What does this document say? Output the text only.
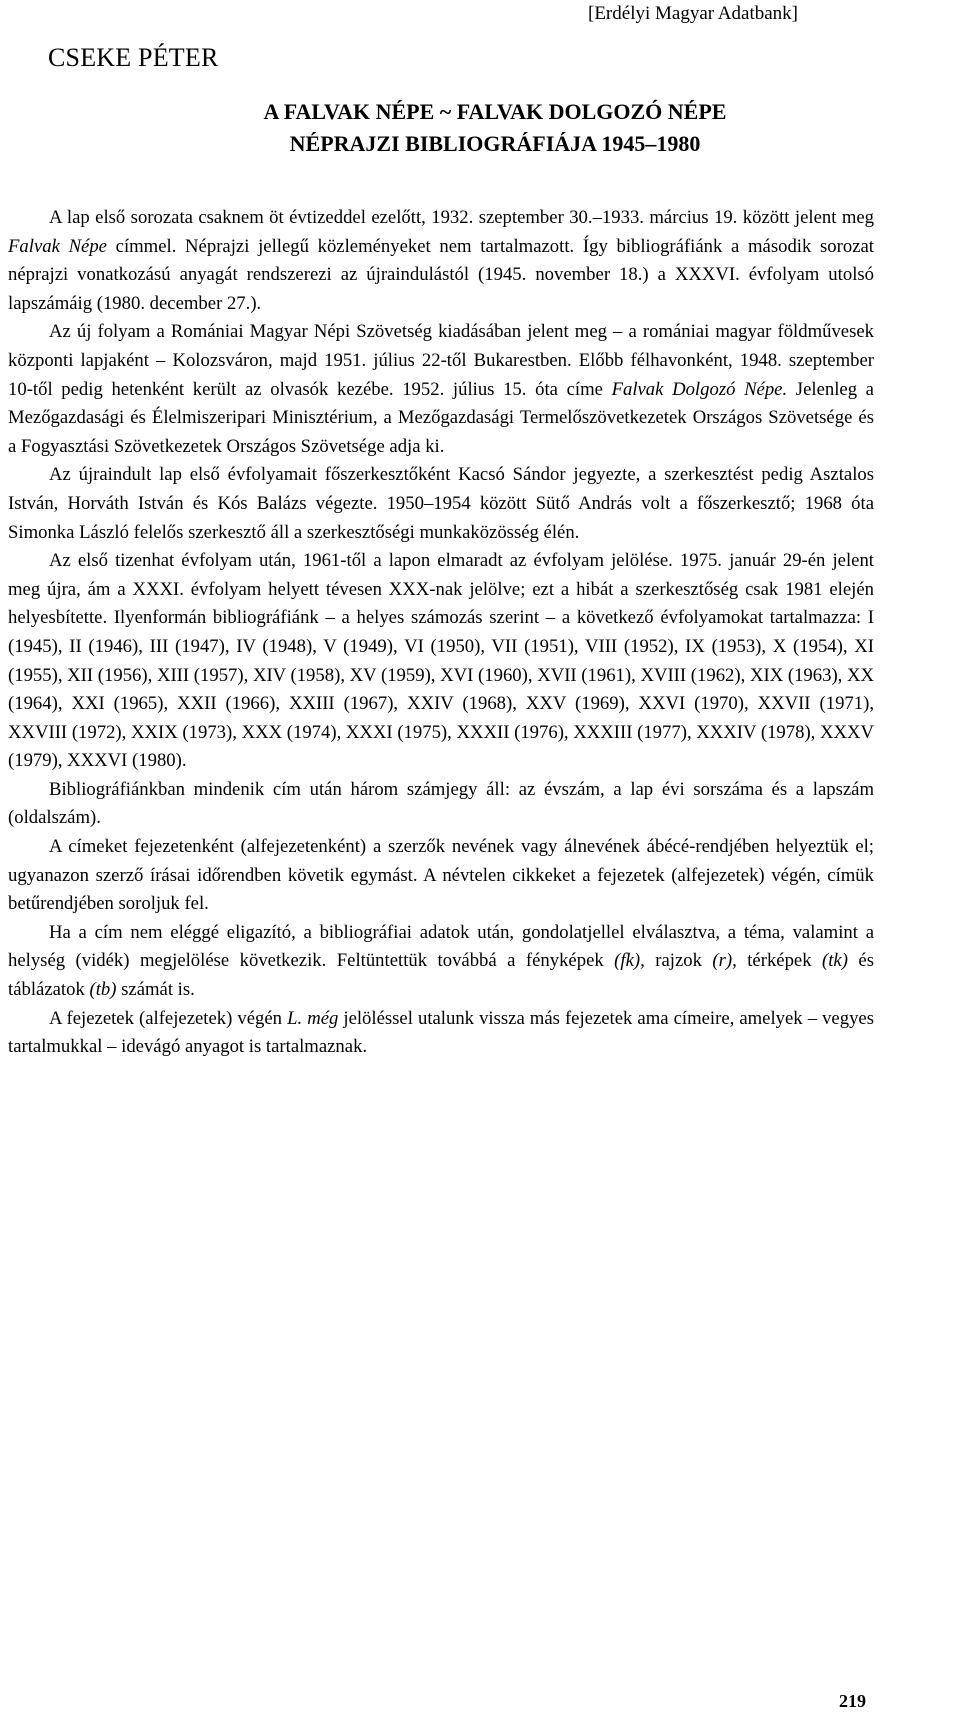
[Erdélyi Magyar Adatbank]
CSEKE PÉTER
A FALVAK NÉPE ~ FALVAK DOLGOZÓ NÉPE
NÉPRAJZI BIBLIOGRÁFIÁJA 1945–1980

A lap első sorozata csaknem öt évtizeddel ezelőtt, 1932. szeptember 30.–1933. március 19. között jelent meg Falvak Népe címmel. Néprajzi jellegű közleményeket nem tartalmazott. Így bibliográfiánk a második sorozat néprajzi vonatkozású anyagát rendszerezi az újraindulástól (1945. november 18.) a XXXVI. évfolyam utolsó lapszámáig (1980. december 27.).

Az új folyam a Romániai Magyar Népi Szövetség kiadásában jelent meg – a romániai magyar földművesek központi lapjaként – Kolozsváron, majd 1951. július 22-től Bukarestben. Előbb félhavonként, 1948. szeptember 10-től pedig hetenként került az olvasók kezébe. 1952. július 15. óta címe Falvak Dolgozó Népe. Jelenleg a Mezőgazdasági és Élelmiszeripari Minisztérium, a Mezőgazdasági Termelőszövetkezetek Országos Szövetsége és a Fogyasztási Szövetkezetek Országos Szövetsége adja ki.

Az újraindult lap első évfolyamait főszerkesztőként Kacsó Sándor jegyezte, a szerkesztést pedig Asztalos István, Horváth István és Kós Balázs végezte. 1950–1954 között Sütő András volt a főszerkesztő; 1968 óta Simonka László felelős szerkesztő áll a szerkesztőségi munkaközösség élén.

Az első tizenhat évfolyam után, 1961-től a lapon elmaradt az évfolyam jelölése. 1975. január 29-én jelent meg újra, ám a XXXI. évfolyam helyett tévesen XXX-nak jelölve; ezt a hibát a szerkesztőség csak 1981 elején helyesbítette. Ilyenformán bibliográfiánk – a helyes számozás szerint – a következő évfolyamokat tartalmazza: I (1945), II (1946), III (1947), IV (1948), V (1949), VI (1950), VII (1951), VIII (1952), IX (1953), X (1954), XI (1955), XII (1956), XIII (1957), XIV (1958), XV (1959), XVI (1960), XVII (1961), XVIII (1962), XIX (1963), XX (1964), XXI (1965), XXII (1966), XXIII (1967), XXIV (1968), XXV (1969), XXVI (1970), XXVII (1971), XXVIII (1972), XXIX (1973), XXX (1974), XXXI (1975), XXXII (1976), XXXIII (1977), XXXIV (1978), XXXV (1979), XXXVI (1980).

Bibliográfiánkban mindenik cím után három számjegy áll: az évszám, a lap évi sorszáma és a lapszám (oldalszám).

A címeket fejezetenként (alfejezetenként) a szerzők nevének vagy álnevének ábécé-rendjében helyeztük el; ugyanazon szerző írásai időrendben követik egymást. A névtelen cikkeket a fejezetek (alfejezetek) végén, címük betűrendjében soroljuk fel.

Ha a cím nem eléggé eligazító, a bibliográfiai adatok után, gondolatjellel elválasztva, a téma, valamint a helység (vidék) megjelölése következik. Feltüntettük továbbá a fényképek (fk), rajzok (r), térképek (tk) és táblázatok (tb) számát is.

A fejezetek (alfejezetek) végén L. még jelöléssel utalunk vissza más fejezetek ama címeire, amelyek – vegyes tartalmukkal – idevágó anyagot is tartalmaznak.

219
